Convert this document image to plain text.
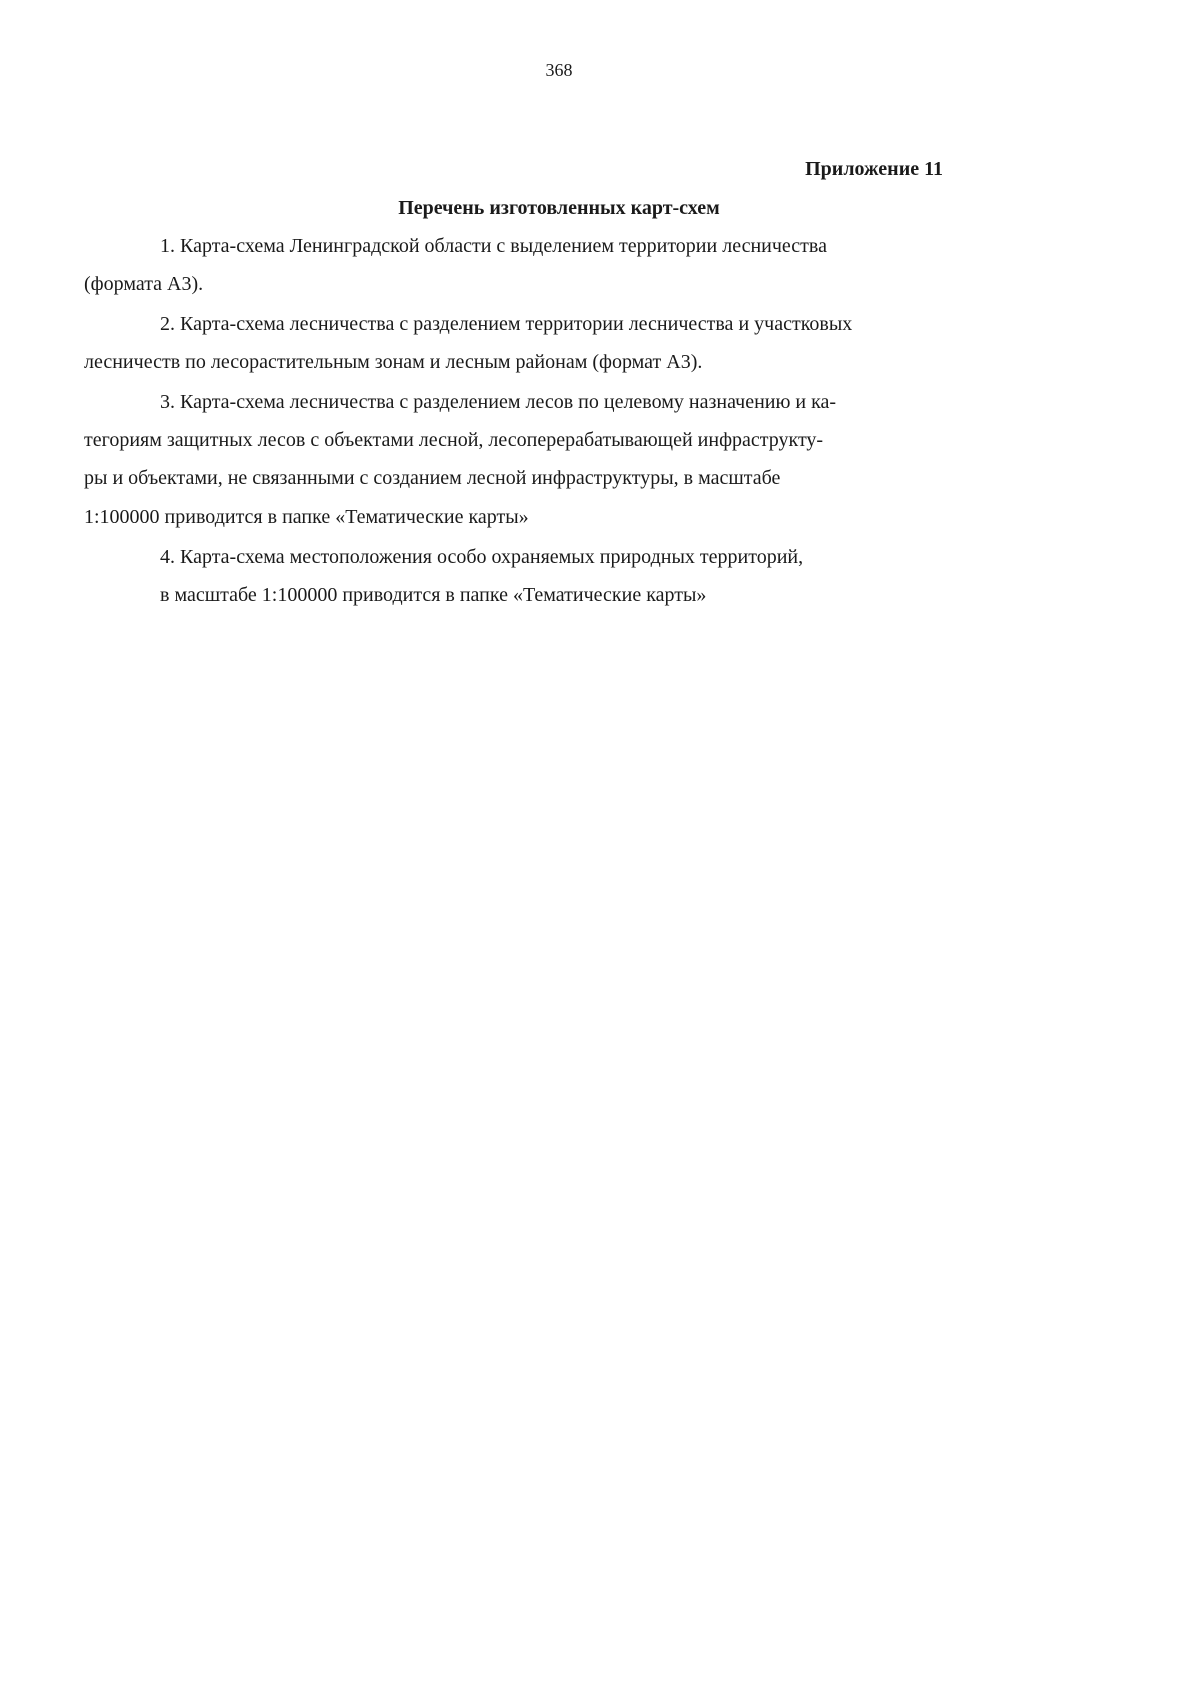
368
Приложение 11
Перечень изготовленных карт-схем
1. Карта-схема Ленинградской области с выделением территории лесничества
(формата А3).
2. Карта-схема лесничества с разделением территории лесничества и участковых
лесничеств по лесорастительным зонам и лесным районам (формат А3).
3. Карта-схема лесничества с разделением лесов по целевому назначению и ка-
тегориям защитных лесов с объектами лесной, лесоперерабатывающей инфраструкту-
ры и объектами, не связанными с созданием лесной инфраструктуры, в масштабе
1:100000 приводится в папке «Тематические карты»
4. Карта-схема местоположения особо охраняемых природных территорий,
в масштабе 1:100000 приводится в папке «Тематические карты»
